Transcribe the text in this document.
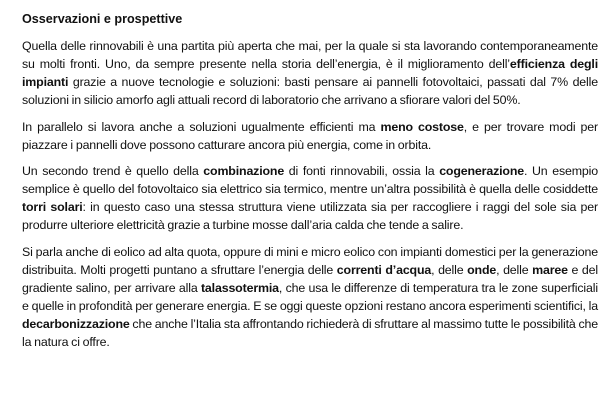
Osservazioni e prospettive

Quella delle rinnovabili è una partita più aperta che mai, per la quale si sta lavorando contemporaneamente su molti fronti. Uno, da sempre presente nella storia dell’energia, è il miglioramento dell’efficienza degli impianti grazie a nuove tecnologie e soluzioni: basti pensare ai pannelli fotovoltaici, passati dal 7% delle soluzioni in silicio amorfo agli attuali record di laboratorio che arrivano a sfiorare valori del 50%.

In parallelo si lavora anche a soluzioni ugualmente efficienti ma meno costose, e per trovare modi per piazzare i pannelli dove possono catturare ancora più energia, come in orbita.

Un secondo trend è quello della combinazione di fonti rinnovabili, ossia la cogenerazione. Un esempio semplice è quello del fotovoltaico sia elettrico sia termico, mentre un’altra possibilità è quella delle cosiddette torri solari: in questo caso una stessa struttura viene utilizzata sia per raccogliere i raggi del sole sia per produrre ulteriore elettricità grazie a turbine mosse dall’aria calda che tende a salire.

Si parla anche di eolico ad alta quota, oppure di mini e micro eolico con impianti domestici per la generazione distribuita. Molti progetti puntano a sfruttare l’energia delle correnti d’acqua, delle onde, delle maree e del gradiente salino, per arrivare alla talassotermia, che usa le differenze di temperatura tra le zone superficiali e quelle in profondità per generare energia. E se oggi queste opzioni restano ancora esperimenti scientifici, la decarbonizzazione che anche l’Italia sta affrontando richiederà di sfruttare al massimo tutte le possibilità che la natura ci offre.
